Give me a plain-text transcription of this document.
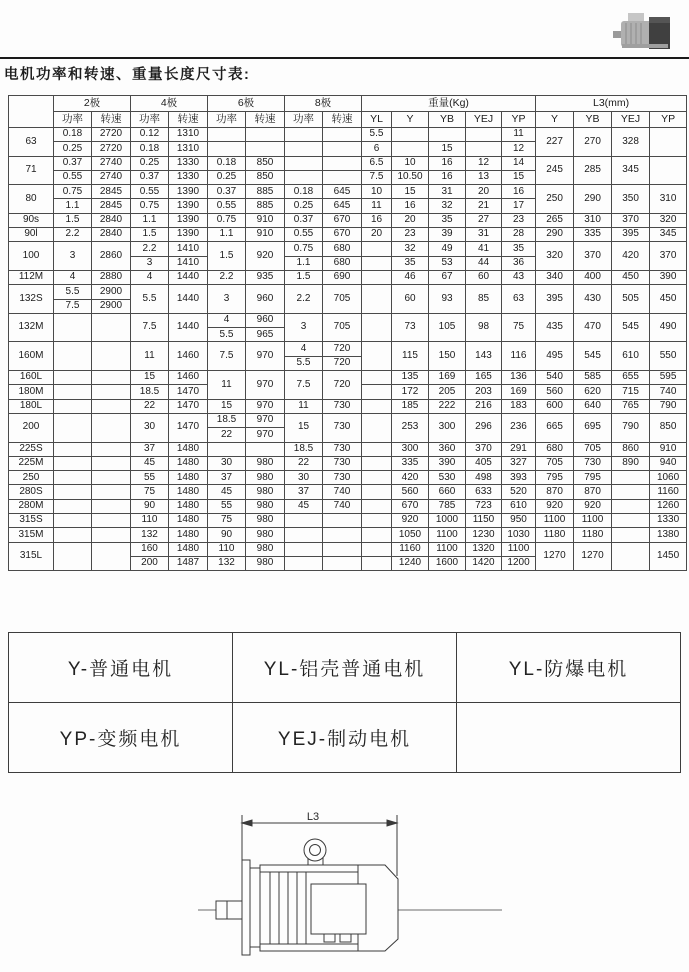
电机功率和转速、重量长度尺寸表:
	2极		4极		6极		8极		重量(Kg)					L3(mm)			
	功率	转速	功率	转速	功率	转速	功率	转速	YL	Y	YB	YEJ	YP	Y	YB	YEJ	YP
63	0.18	2720	0.12	1310					5.5				11	227	270	328	
	0.25	2720	0.18	1310					6		15		12				
71	0.37	2740	0.25	1330	0.18	850			6.5	10	16	12	14	245	285	345	
	0.55	2740	0.37	1330	0.25	850			7.5	10.50	16	13	15				
80	0.75	2845	0.55	1390	0.37	885	0.18	645	10	15	31	20	16	250	290	350	310
	1.1	2845	0.75	1390	0.55	885	0.25	645	11	16	32	21	17				
90s	1.5	2840	1.1	1390	0.75	910	0.37	670	16	20	35	27	23	265	310	370	320
90l	2.2	2840	1.5	1390	1.1	910	0.55	670	20	23	39	31	28	290	335	395	345
100	3	2860	2.2	1410	1.5	920	0.75	680		32	49	41	35	320	370	420	370
			3	1410			1.1	680		35	53	44	36				
112M	4	2880	4	1440	2.2	935	1.5	690		46	67	60	43	340	400	450	390
132S	5.5	2900	5.5	1440	3	960	2.2	705		60	93	85	63	395	430	505	450
	7.5	2900															
132M			7.5	1440	4	960	3	705		73	105	98	75	435	470	545	490
					5.5	965											
160M			11	1460	7.5	970	4	720		115	150	143	116	495	545	610	550
							5.5	720									
160L			15	1460	11	970	7.5	720		135	169	165	136	540	585	655	595
180M			18.5	1470						172	205	203	169	560	620	715	740
180L			22	1470	15	970	11	730		185	222	216	183	600	640	765	790
200			30	1470	18.5	970	15	730		253	300	296	236	665	695	790	850
					22	970											
225S			37	1480			18.5	730		300	360	370	291	680	705	860	910
225M			45	1480	30	980	22	730		335	390	405	327	705	730	890	940
250			55	1480	37	980	30	730		420	530	498	393	795	795		1060
280S			75	1480	45	980	37	740		560	660	633	520	870	870		1160
280M			90	1480	55	980	45	740		670	785	723	610	920	920		1260
315S			110	1480	75	980				920	1000	1150	950	1100	1100		1330
315M			132	1480	90	980				1050	1100	1230	1030	1180	1180		1380
315L			160	1480	110	980				1160	1100	1320	1100	1270	1270		1450
			200	1487	132	980				1240	1600	1420	1200				
Y-普通电机	YL-铝壳普通电机	YL-防爆电机
YP-变频电机	YEJ-制动电机	
L3
